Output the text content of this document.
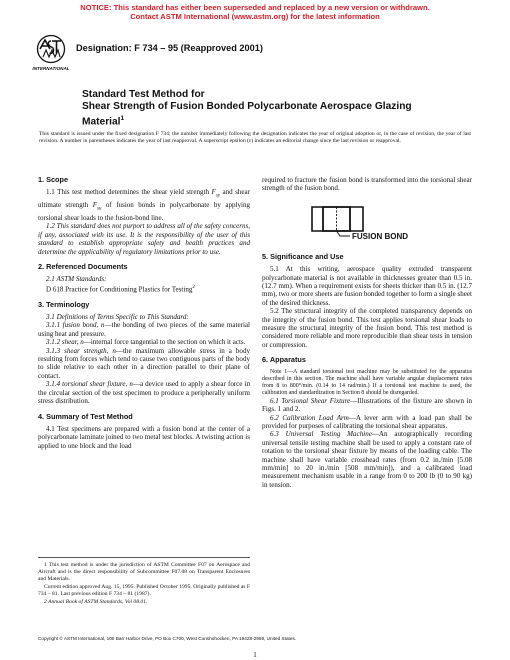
NOTICE: This standard has either been superseded and replaced by a new version or withdrawn.
Contact ASTM International (www.astm.org) for the latest information
INTERNATIONAL
Designation: F 734 – 95 (Reapproved 2001)
Standard Test Method for
Shear Strength of Fusion Bonded Polycarbonate Aerospace Glazing Material$^1$
This standard is issued under the fixed designation F 734; the number immediately following the designation indicates the year of original adoption or, in the case of revision, the year of last revision. A number in parentheses indicates the year of last reapproval. A superscript epsilon (ε) indicates an editorial change since the last revision or reapproval.
1. Scope

1.1 This test method determines the shear yield strength $F_{sy}$ and shear ultimate strength $F_{su}$ of fusion bonds in polycarbonate by applying torsional shear loads to the fusion-bond line.

1.2 This standard does not purport to address all of the safety concerns, if any, associated with its use. It is the responsibility of the user of this standard to establish appropriate safety and health practices and determine the applicability of regulatory limitations prior to use.

2. Referenced Documents

2.1 ASTM Standards:

D 618 Practice for Conditioning Plastics for Testing$^2$

3. Terminology

3.1 Definitions of Terms Specific to This Standard:

3.1.1 fusion bond, n—the bonding of two pieces of the same material using heat and pressure.

3.1.2 shear, n—internal force tangential to the section on which it acts.

3.1.3 shear strength, n—the maximum allowable stress in a body resulting from forces which tend to cause two contiguous parts of the body to slide relative to each other in a direction parallel to their plane of contact.

3.1.4 torsional shear fixture, n—a device used to apply a shear force in the circular section of the test specimen to produce a peripherally uniform stress distribution.

4. Summary of Test Method

4.1 Test specimens are prepared with a fusion bond at the center of a polycarbonate laminate joined to two metal test blocks. A twisting action is applied to one block and the load

1 This test method is under the jurisdiction of ASTM Committee F07 on Aerospace and Aircraft and is the direct responsibility of Subcommittee F07.08 on Transparent Enclosures and Materials.

Current edition approved Aug. 15, 1995. Published October 1995. Originally published as F 734 – 81. Last previous edition F 734 – 81 (1987).

2 Annual Book of ASTM Standards, Vol 08.01.

required to fracture the fusion bond is transformed into the torsional shear strength of the fusion bond.

FUSION BOND
5. Significance and Use

5.1 At this writing, aerospace quality extruded transparent polycarbonate material is not available in thicknesses greater than 0.5 in. (12.7 mm). When a requirement exists for sheets thicker than 0.5 in. (12.7 mm), two or more sheets are fusion bonded together to form a single sheet of the desired thickness.

5.2 The structural integrity of the completed transparency depends on the integrity of the fusion bond. This test applies torsional shear loads to measure the structural integrity of the fusion bond. This test method is considered more reliable and more reproducible than shear tests in tension or compression.

6. Apparatus

Note 1—A standard torsional test machine may be substituted for the apparatus described in this section. The machine shall have variable angular displacement rates from 8 to 800°/min. (0.14 to 14 rad/min.) If a torsional test machine is used, the calibration and standardization in Section 8 should be disregarded.

6.1 Torsional Shear Fixture—Illustrations of the fixture are shown in Figs. 1 and 2.

6.2 Calibration Load Arm—A lever arm with a load pan shall be provided for purposes of calibrating the torsional shear apparatus.

6.3 Universal Testing Machine—An autographically recording universal tensile testing machine shall be used to apply a constant rate of rotation to the torsional shear fixture by means of the loading cable. The machine shall have variable crosshead rates (from 0.2 in./min [5.08 mm/min] to 20 in./min [508 mm/min]), and a calibrated load measurement mechanism usable in a range from 0 to 200 lb (0 to 90 kg) in tension.

Copyright © ASTM International, 100 Barr Harbor Drive, PO Box C700, West Conshohocken, PA 19428-2959, United States.
1
